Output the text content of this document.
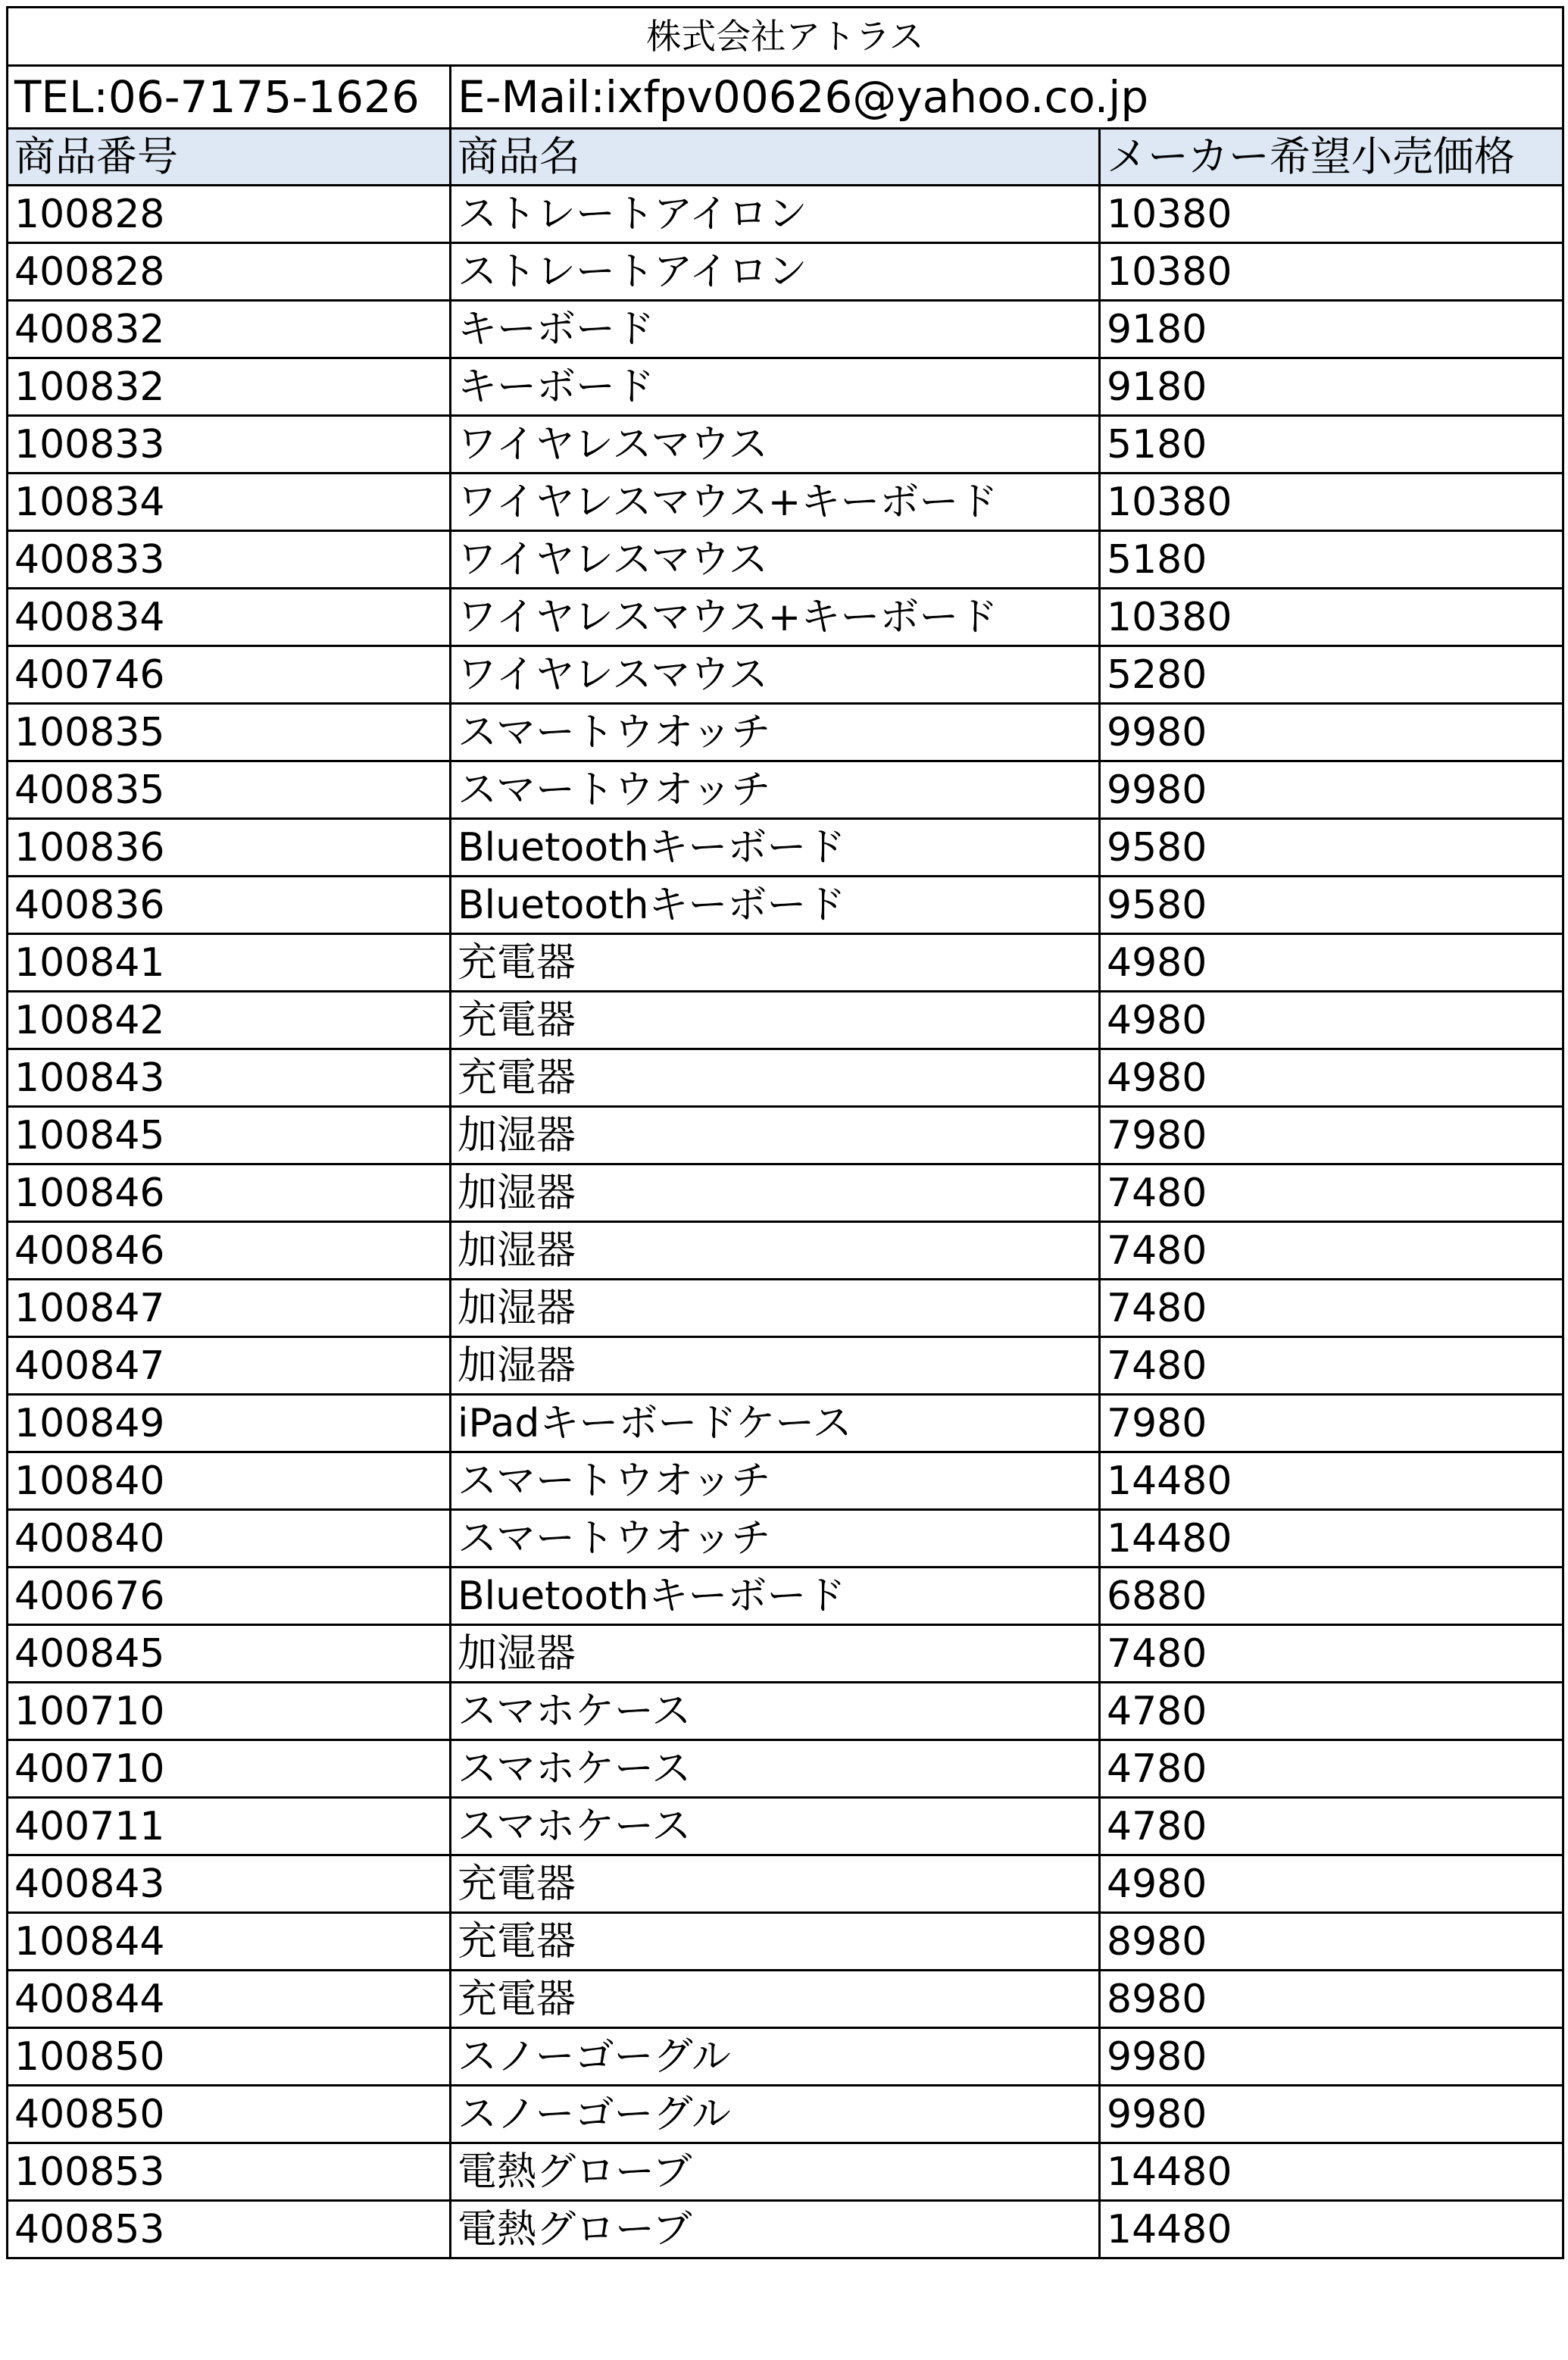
株式会社アトラス		
TEL:06-7175-1626	E-Mail:ixfpv00626@yahoo.co.jp	
商品番号	商品名	メーカー希望小売価格
100828	ストレートアイロン	10380
400828	ストレートアイロン	10380
400832	キーボード	9180
100832	キーボード	9180
100833	ワイヤレスマウス	5180
100834	ワイヤレスマウス+キーボード	10380
400833	ワイヤレスマウス	5180
400834	ワイヤレスマウス+キーボード	10380
400746	ワイヤレスマウス	5280
100835	スマートウオッチ	9980
400835	スマートウオッチ	9980
100836	Bluetoothキーボード	9580
400836	Bluetoothキーボード	9580
100841	充電器	4980
100842	充電器	4980
100843	充電器	4980
100845	加湿器	7980
100846	加湿器	7480
400846	加湿器	7480
100847	加湿器	7480
400847	加湿器	7480
100849	iPadキーボードケース	7980
100840	スマートウオッチ	14480
400840	スマートウオッチ	14480
400676	Bluetoothキーボード	6880
400845	加湿器	7480
100710	スマホケース	4780
400710	スマホケース	4780
400711	スマホケース	4780
400843	充電器	4980
100844	充電器	8980
400844	充電器	8980
100850	スノーゴーグル	9980
400850	スノーゴーグル	9980
100853	電熱グローブ	14480
400853	電熱グローブ	14480
